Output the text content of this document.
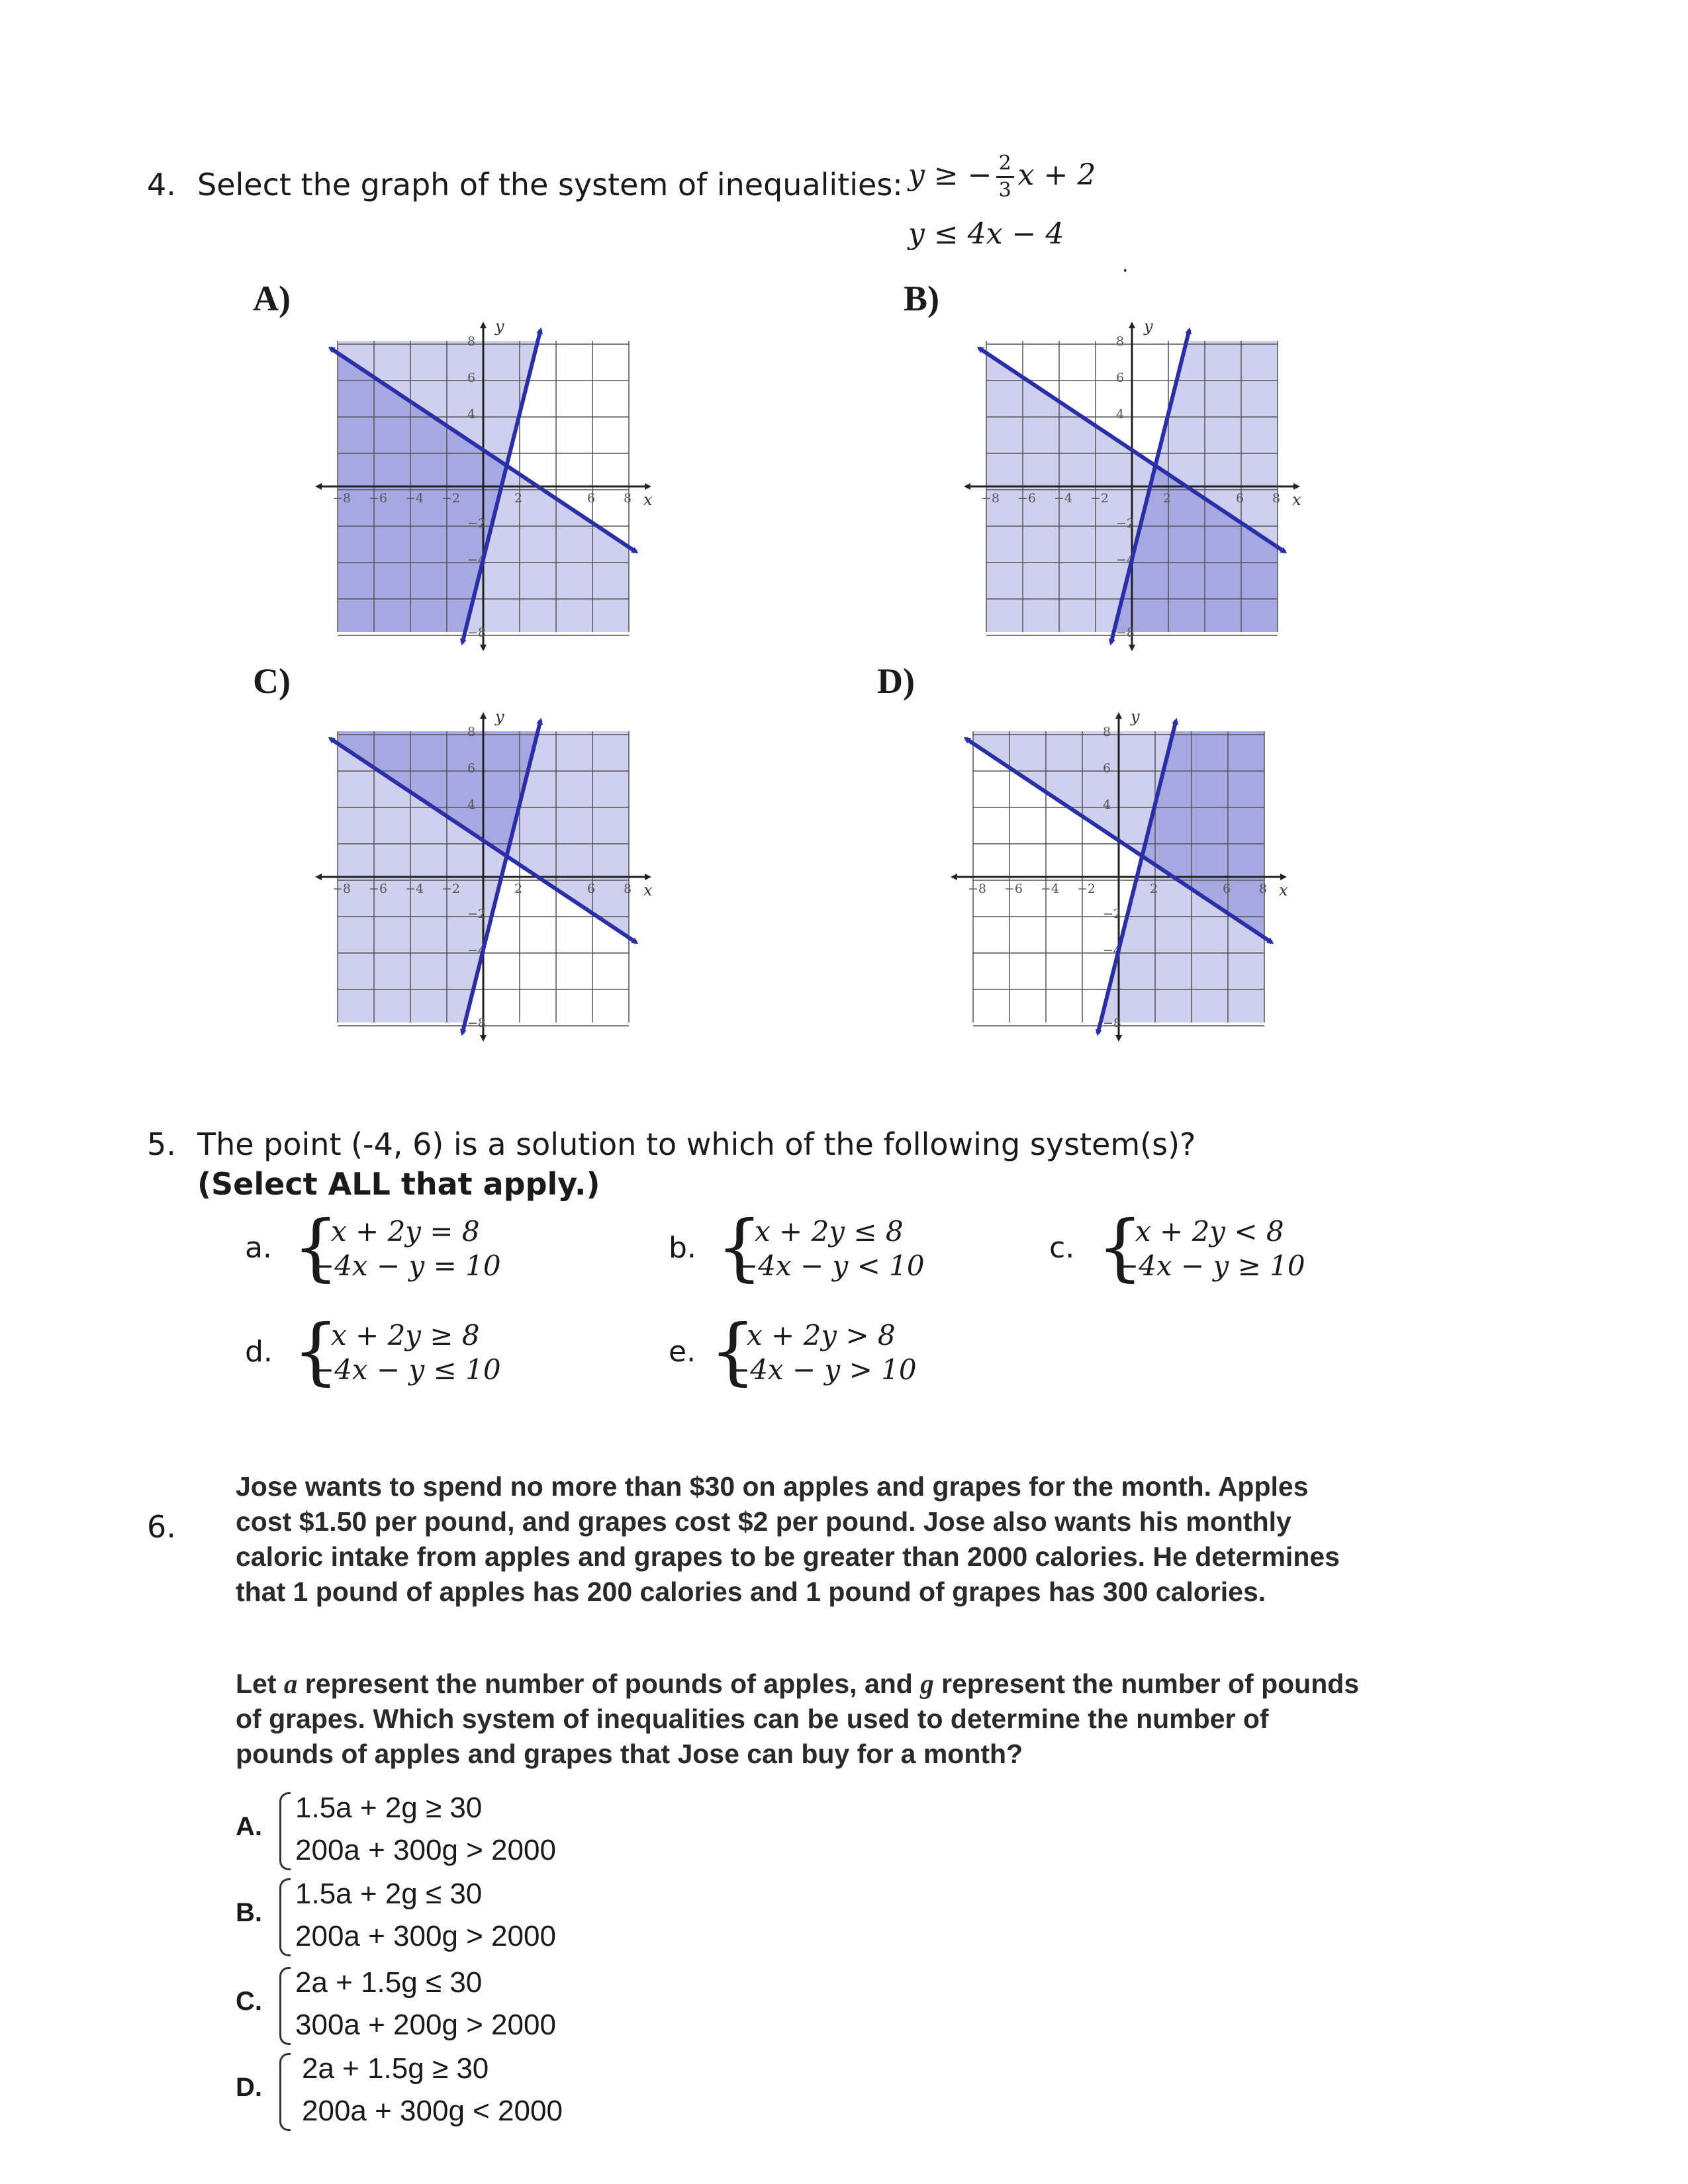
4. Select the graph of the system of inequalities: y ≥ − $\frac{2}{3}$ x + 2
y ≤ 4x − 4
·
A)	B)
C)	D)
x
y
−8 −6 −4 −2	2	6 8
8
6
4
−2
−4
−8
x
y
−8 −6 −4 −2	2	6 8
8
6
4
−2
−4
−8
x
y
−8 −6 −4 −2	2	6 8
8
6
4
−2
−4
−8
x
y
−8 −6 −4 −2	2	6 8
8
6
4
−2
−4
−8
5. The point (-4, 6) is a solution to which of the following system(s)?
(Select ALL that apply.)
a. {
x + 2y = 8
−4x − y = 10
b. {
x + 2y ≤ 8
−4x − y < 10
c. {
x + 2y < 8
−4x − y ≥ 10
d. {
x + 2y ≥ 8
−4x − y ≤ 10
e. {
x + 2y > 8
−4x − y > 10
6.
Jose wants to spend no more than $30 on apples and grapes for the month. Apples cost $1.50 per pound, and grapes cost $2 per pound. Jose also wants his monthly caloric intake from apples and grapes to be greater than 2000 calories. He determines that 1 pound of apples has 200 calories and 1 pound of grapes has 300 calories.
Let a represent the number of pounds of apples, and g represent the number of pounds of grapes. Which system of inequalities can be used to determine the number of pounds of apples and grapes that Jose can buy for a month?
A.
1.5a + 2g ≥ 30
200a + 300g > 2000
B.
1.5a + 2g ≤ 30
200a + 300g > 2000
C.
2a + 1.5g ≤ 30
300a + 200g > 2000
D.
2a + 1.5g ≥ 30
200a + 300g < 2000
